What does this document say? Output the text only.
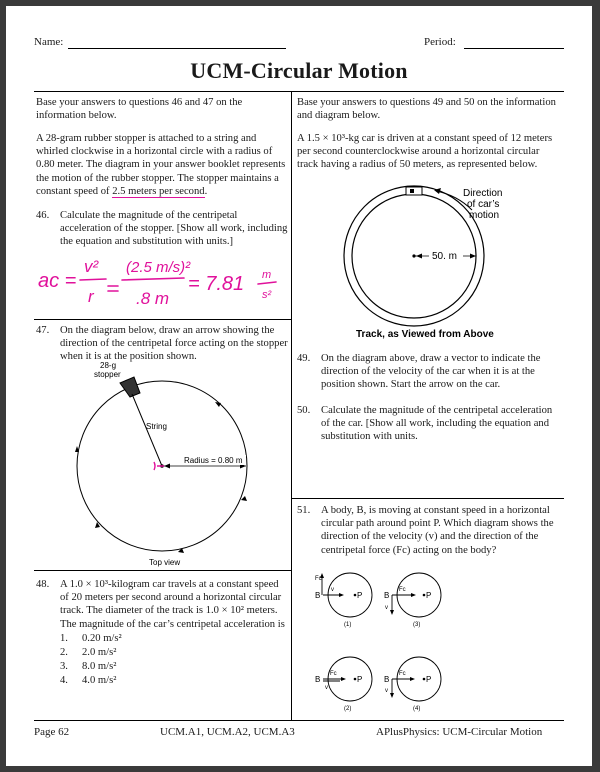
Name:	Period:
UCM-Circular Motion
Base your answers to questions 46 and 47 on the information below.
A 28-gram rubber stopper is attached to a string and whirled clockwise in a horizontal circle with a radius of 0.80 meter. The diagram in your answer booklet represents the motion of the rubber stopper. The stopper maintains a constant speed of 2.5 meters per second.
46. Calculate the magnitude of the centripetal acceleration of the stopper. [Show all work, including the equation and substitution with units.]
ac =
v²
r
(2.5 m/s)²
.8 m
= 7.81 m
s²
47. On the diagram below, draw an arrow showing the direction of the centripetal force acting on the stopper when it is at the position shown.
28-g
stopper
String
Radius = 0.80 m
Top view
48. A 1.0 × 10³-kilogram car travels at a constant speed of 20 meters per second around a horizontal circular track. The diameter of the track is 1.0 × 10² meters. The magnitude of the car’s centripetal acceleration is
1. 0.20 m/s²
2. 2.0 m/s²
3. 8.0 m/s²
4. 4.0 m/s²
Base your answers to questions 49 and 50 on the information and diagram below.
A 1.5 × 10³-kg car is driven at a constant speed of 12 meters per second counterclockwise around a horizontal circular track having a radius of 50 meters, as represented below.
Direction
of car’s
motion
50. m
Track, as Viewed from Above
49. On the diagram above, draw a vector to indicate the direction of the velocity of the car when it is at the position shown. Start the arrow on the car.
50. Calculate the magnitude of the centripetal acceleration of the car. [Show all work, including the equation and substitution with units.
51. A body, B, is moving at constant speed in a horizontal circular path around point P. Which diagram shows the direction of the velocity (v) and the direction of the centripetal force (Fc) acting on the body?
P
B
Fc
v
(1)
P
B
Fc
v
(3)
P
B
Fc
v
(2)
P
B
Fc
v
(4)
Page 62	UCM.A1, UCM.A2, UCM.A3	APlusPhysics: UCM-Circular Motion
